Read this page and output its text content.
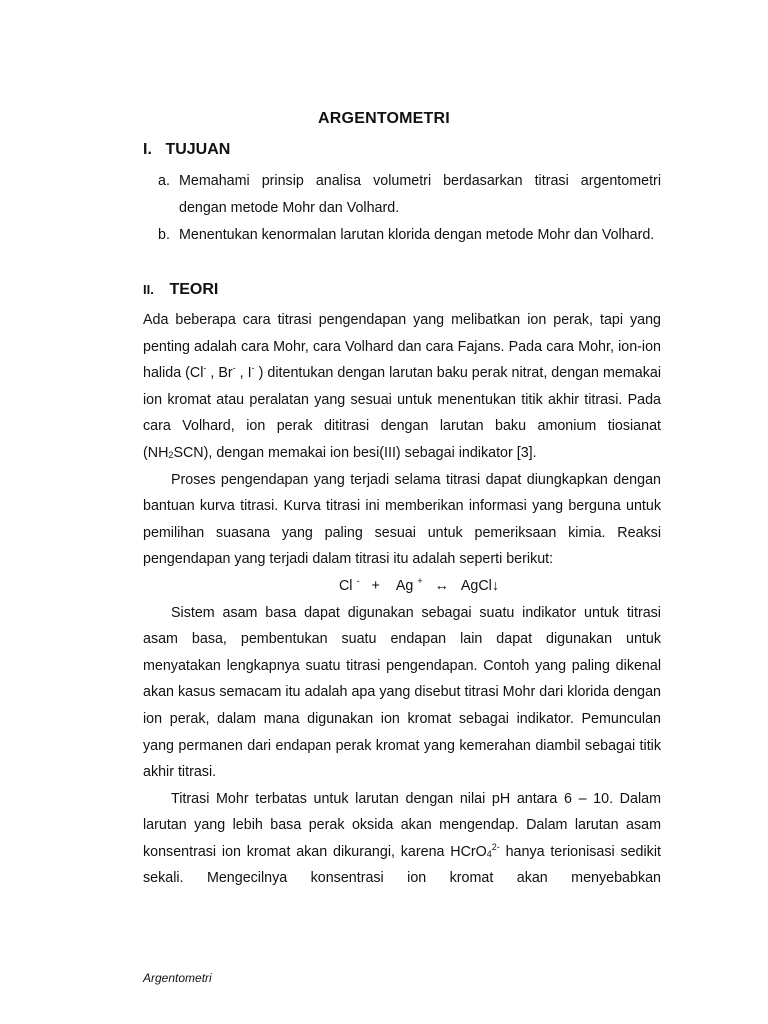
ARGENTOMETRI
I. TUJUAN
a. Memahami prinsip analisa volumetri berdasarkan titrasi argentometri dengan metode Mohr dan Volhard.
b. Menentukan kenormalan larutan klorida dengan metode Mohr dan Volhard.
II. TEORI

Ada beberapa cara titrasi pengendapan yang melibatkan ion perak, tapi yang penting adalah cara Mohr, cara Volhard dan cara Fajans. Pada cara Mohr, ion-ion halida (Cl- , Br- , I- ) ditentukan dengan larutan baku perak nitrat, dengan memakai ion kromat atau peralatan yang sesuai untuk menentukan titik akhir titrasi. Pada cara Volhard, ion perak dititrasi dengan larutan baku amonium tiosianat $(NH_2SCN)$, dengan memakai ion besi(III) sebagai indikator [3].

Proses pengendapan yang terjadi selama titrasi dapat diungkapkan dengan bantuan kurva titrasi. Kurva titrasi ini memberikan informasi yang berguna untuk pemilihan suasana yang paling sesuai untuk pemeriksaan kimia. Reaksi pengendapan yang terjadi dalam titrasi itu adalah seperti berikut:

Cl - + Ag + ↔ AgCl↓

Sistem asam basa dapat digunakan sebagai suatu indikator untuk titrasi asam basa, pembentukan suatu endapan lain dapat digunakan untuk menyatakan lengkapnya suatu titrasi pengendapan. Contoh yang paling dikenal akan kasus semacam itu adalah apa yang disebut titrasi Mohr dari klorida dengan ion perak, dalam mana digunakan ion kromat sebagai indikator. Pemunculan yang permanen dari endapan perak kromat yang kemerahan diambil sebagai titik akhir titrasi.

Titrasi Mohr terbatas untuk larutan dengan nilai pH antara 6 – 10. Dalam larutan yang lebih basa perak oksida akan mengendap. Dalam larutan asam konsentrasi ion kromat akan dikurangi, karena HCrO$_4^{2-}$ hanya terionisasi sedikit sekali. Mengecilnya konsentrasi ion kromat akan menyebabkan

Argentometri
